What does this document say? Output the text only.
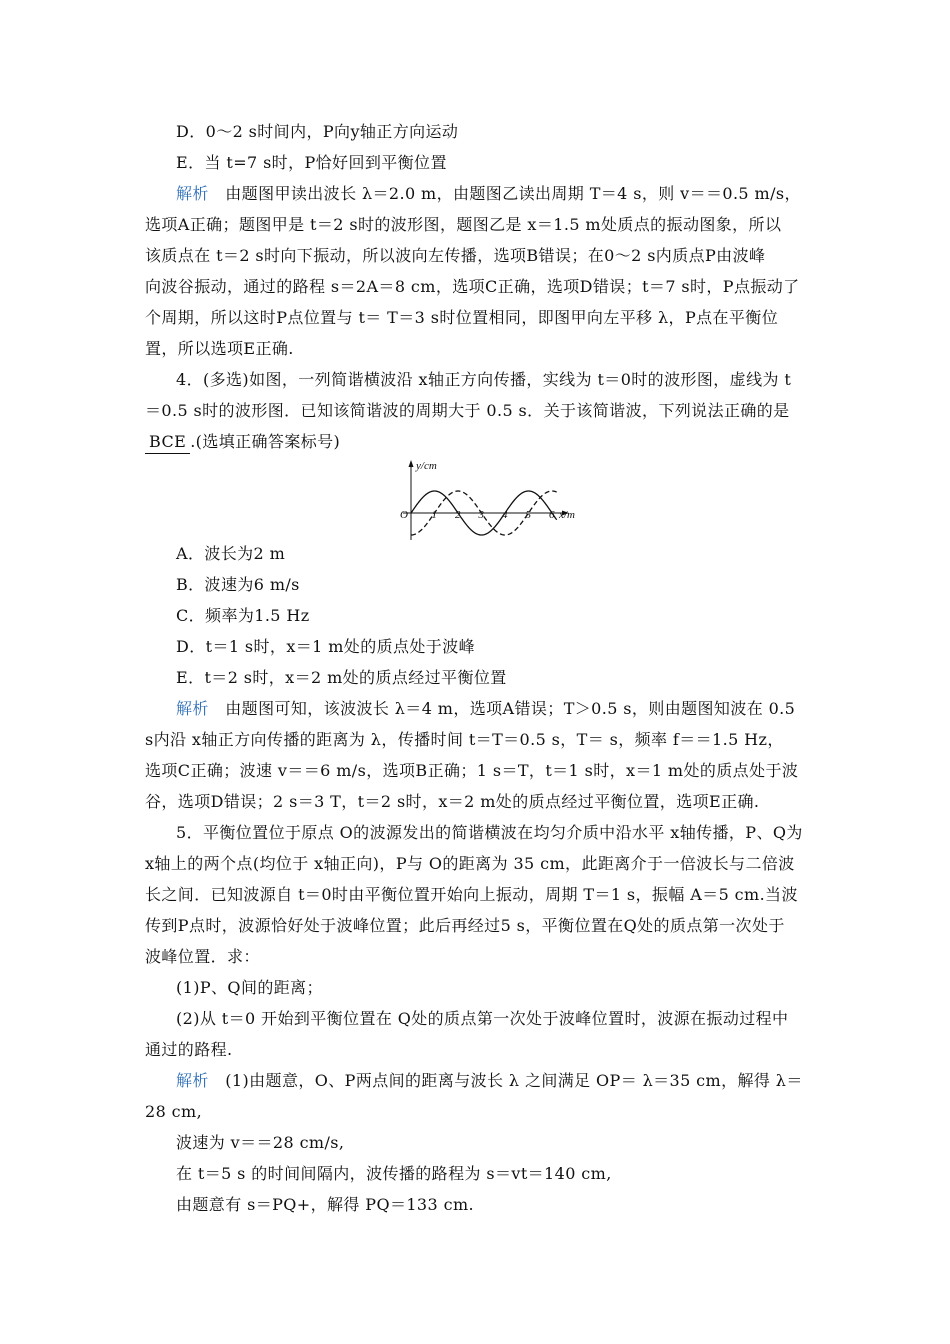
D．0～2 s时间内，P向y轴正方向运动
E．当 t=7 s时，P恰好回到平衡位置
解析 由题图甲读出波长 λ＝2.0 m，由题图乙读出周期 T＝4 s，则 v＝＝0.5 m/s，
选项A正确；题图甲是 t＝2 s时的波形图，题图乙是 x＝1.5 m处质点的振动图象，所以
该质点在 t＝2 s时向下振动，所以波向左传播，选项B错误；在0～2 s内质点P由波峰
向波谷振动，通过的路程 s＝2A＝8 cm，选项C正确，选项D错误；t＝7 s时，P点振动了
个周期，所以这时P点位置与 t＝ T＝3 s时位置相同，即图甲向左平移 λ，P点在平衡位
置，所以选项E正确.
4．(多选)如图，一列简谐横波沿 x轴正方向传播，实线为 t＝0时的波形图，虚线为 t
＝0.5 s时的波形图．已知该简谐波的周期大于 0.5 s．关于该简谐波，下列说法正确的是
BCE .(选填正确答案标号)
y/cm
x/m
O 1 2 3 4 5 6
A．波长为2 m
B．波速为6 m/s
C．频率为1.5 Hz
D．t＝1 s时，x＝1 m处的质点处于波峰
E．t＝2 s时，x＝2 m处的质点经过平衡位置
解析 由题图可知，该波波长 λ＝4 m，选项A错误；T＞0.5 s，则由题图知波在 0.5
s内沿 x轴正方向传播的距离为 λ，传播时间 t＝T＝0.5 s，T＝ s，频率 f＝＝1.5 Hz，
选项C正确；波速 v＝＝6 m/s，选项B正确；1 s＝T，t＝1 s时，x＝1 m处的质点处于波
谷，选项D错误；2 s＝3 T，t＝2 s时，x＝2 m处的质点经过平衡位置，选项E正确.
5．平衡位置位于原点 O的波源发出的简谐横波在均匀介质中沿水平 x轴传播，P、Q为
x轴上的两个点(均位于 x轴正向)，P与 O的距离为 35 cm，此距离介于一倍波长与二倍波
长之间．已知波源自 t＝0时由平衡位置开始向上振动，周期 T＝1 s，振幅 A＝5 cm.当波
传到P点时，波源恰好处于波峰位置；此后再经过5 s，平衡位置在Q处的质点第一次处于
波峰位置．求：
(1)P、Q间的距离；
(2)从 t＝0 开始到平衡位置在 Q处的质点第一次处于波峰位置时，波源在振动过程中
通过的路程.
解析 (1)由题意，O、P两点间的距离与波长 λ 之间满足 OP＝ λ＝35 cm，解得 λ＝
28 cm,
波速为 v＝＝28 cm/s,
在 t＝5 s 的时间间隔内，波传播的路程为 s＝vt＝140 cm,
由题意有 s＝PQ+，解得 PQ＝133 cm.
